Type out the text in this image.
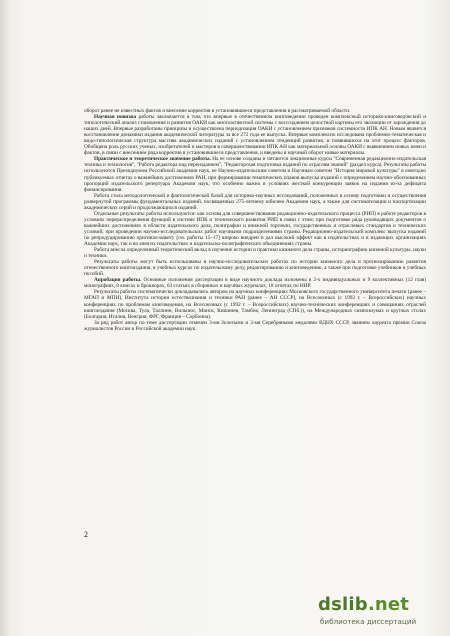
оборот ранее не известных фактов и внесение корректив в установившиеся представления в рассматриваемой области.

Научная новизна работы заключается в том, что впервые в отечественном книговедении проведен комплексный историко-книговедческий и типологический анализ становления и развития ОАКИ как многоаспектной системы с воссозданием целостной картины его эволюции от зарождения до наших дней. Впервые разработаны принципы и осуществлена периодизация ОАКИ с установлением признаков системности ИПК АН. Новым является восстановление динамики издания академической литературы за все 272 года ее выпуска. Впервые комплексно исследована проблемно-тематическая и видо-типологическая структура массива академических изданий с установлением тенденций развития, и появившихся на этот процесс факторов. Обобщена роль русских ученых, изобретателей и мастеров в совершенствовании ИПК АН как материальной основы ОАКИ с выявлением новых имен и фактов, в связи с внесением ряда корректив в установившиеся представления, и введены в научный оборот новые материалы.

Практическое и теоретическое значение работы. На ее основе созданы и читаются лекционные курсы "Современная редакционно-издательская техника и технология", "Работа редактора над переизданием", "Редакторская подготовка изданий по отраслям знаний" (раздел курса). Результаты работы используются Президиумом Российской академии наук, ее Научно-издательским советом и Научным советом "История мировой культуры" в ежегодно публикуемых отчетах о важнейших достижениях РАН, при формировании тематических планов выпуска изданий с определением научно-обоснованных пропорций издательского репертуара Академии наук, что особенно важно в условиях жесткой конкуренции заявок на издания из-за дефицита финансирования.

Работа стала методологической и фактологической базой для историко-научных исследований, положенных в основу подготовки и осуществления развернутой программы фундаментальных изданий, посвященных 275-летнему юбилею Академии наук, а также для систематизации и паспортизации академических серий и продолжающихся изданий.

Отдельные результаты работы используются: как основа для совершенствования редакционно-издательского процесса (РИП) в работе редакторов в условиях перераспределения функций в системе ИПК и технического развития РИП в связи с этим; при подготовке ряда руководящих документов о важнейших достижениях в области издательского дела, полиграфии и книжной торговли, государственных и отраслевых стандартов и технических условий; при проведении научно-исследовательских работ научными подразделениями страны. Редакционно-издательский комплекс выпуска изданий по репродуцированию оригинал-макету [см. работы 15–17] широко внедрен и дал высокий эффект как в издательствах и в издающих организациях Академии наук, так и во многих издательствах и издательско-полиграфических объединениях страны.

Работа внесла определенный теоретический вклад в изучение истории и практики книжного дела страны, историографию книжной культуры, науки и техники.

Результаты работы могут быть использованы в научно-исследовательских работах по истории книжного дела и прогнозированию развития отечественного книгоиздания, в учебных курсах по издательскому делу, редактированию и книговедению, а также при подготовке учебников и учебных пособий.

Апробация работы. Основные положения диссертации в виде научного доклада изложены в 2-х индивидуальных и 9 коллективных (12 глав) монографиях, 8 книгах и брошюрах, 63 статьях в сборниках и научных журналах, 18 отчетах по НИР.

Результаты работы систематически докладывались автором на научных конференциях Московского государственного университета печати (ранее – МГАП и МПИ), Института истории естествознания и техники РАН (ранее – АН СССР), на Всесоюзных (с 1992 г. – Всероссийских) научных конференциях по проблемам книговедения, на Всесоюзных (с 1992 г. – Всероссийских) научно-технических конференциях и совещаниях отраслей книгоиздания (Москва, Тула, Таллинн, Вильнюс, Минск, Кишинев, Тамбов, Ленинград (СПб.)), на Международных симпозиумах и круглых столах (Болгария, Италия, Венгрия, ФРГ, Франция – Сорбонна).

За ряд работ автор по теме диссертации отмечен 3-мя Золотыми и 3-мя Серебряными медалями ВДНХ СССР, званием лауреата премии Союза журналистов России и Российской академии наук.

2
dslib.net
библиотека диссертаций
